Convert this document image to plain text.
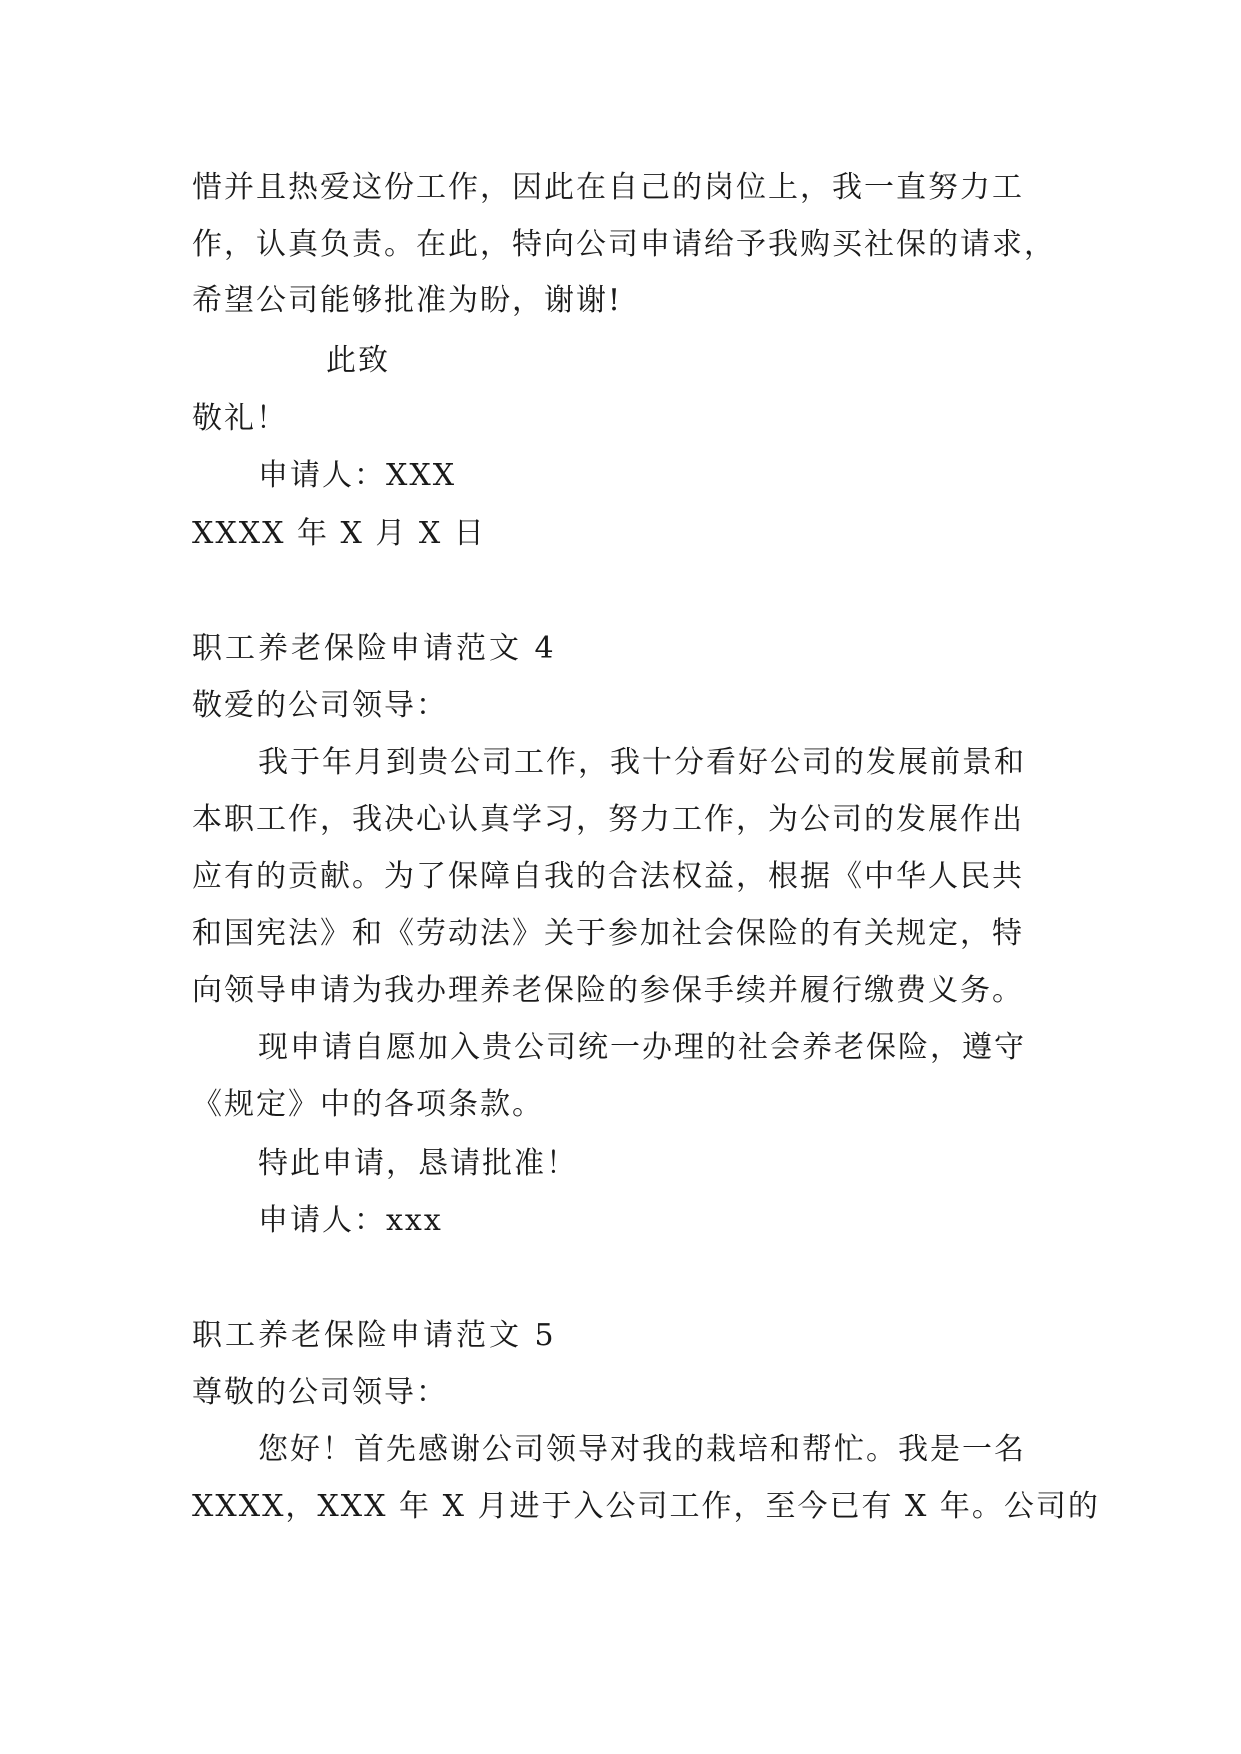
惜并且热爱这份工作，因此在自己的岗位上，我一直努力工
作，认真负责。在此，特向公司申请给予我购买社保的请求，
希望公司能够批准为盼，谢谢!
此致
敬礼！
申请人：XXX
XXXX 年 X 月 X 日
职工养老保险申请范文 4
敬爱的公司领导：
我于年月到贵公司工作，我十分看好公司的发展前景和
本职工作，我决心认真学习，努力工作，为公司的发展作出
应有的贡献。为了保障自我的合法权益，根据《中华人民共
和国宪法》和《劳动法》关于参加社会保险的有关规定，特
向领导申请为我办理养老保险的参保手续并履行缴费义务。
现申请自愿加入贵公司统一办理的社会养老保险，遵守
《规定》中的各项条款。
特此申请，恳请批准！
申请人：xxx
职工养老保险申请范文 5
尊敬的公司领导：
您好！首先感谢公司领导对我的栽培和帮忙。我是一名
XXXX，XXX 年 X 月进于入公司工作，至今已有 X 年。公司的
